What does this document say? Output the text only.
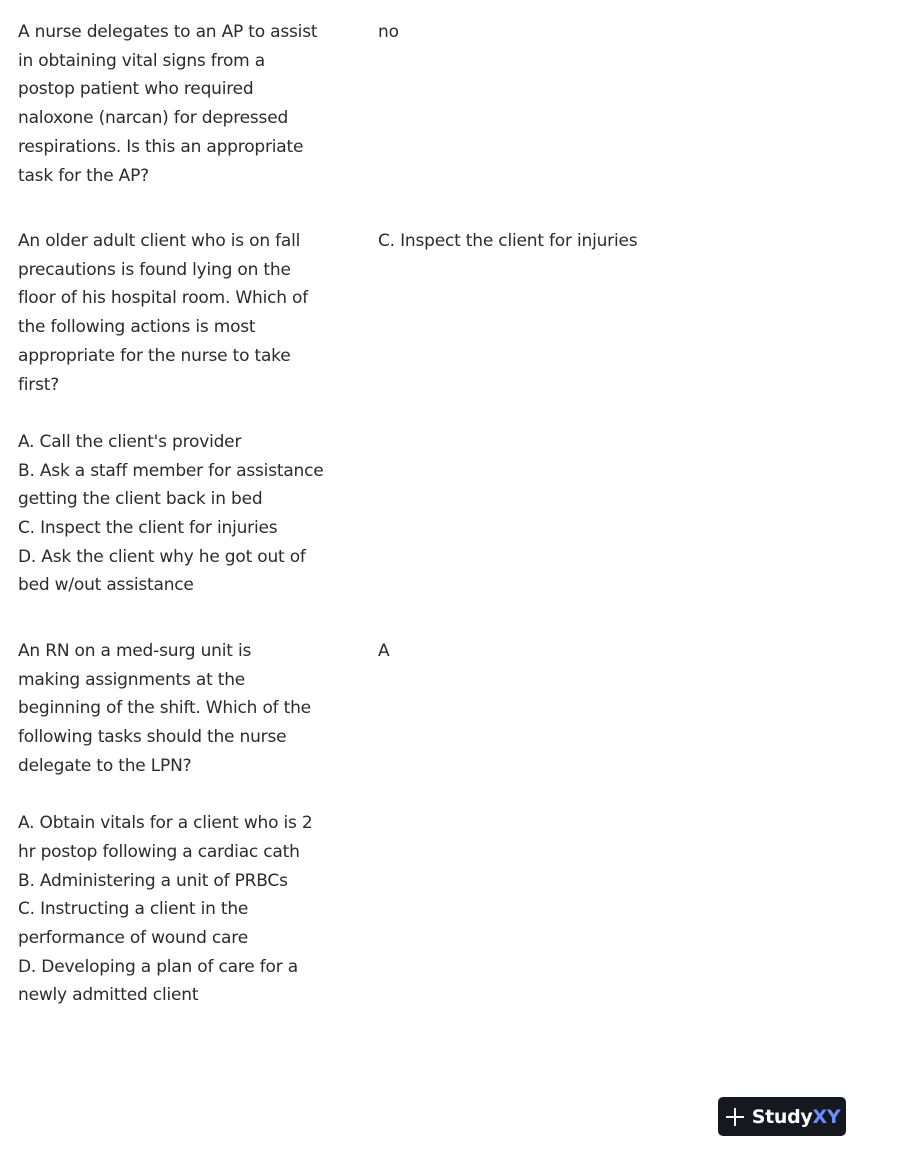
A nurse delegates to an AP to assist
in obtaining vital signs from a
postop patient who required
naloxone (narcan) for depressed
respirations. Is this an appropriate
task for the AP?
no
An older adult client who is on fall
precautions is found lying on the
floor of his hospital room. Which of
the following actions is most
appropriate for the nurse to take
first?
A. Call the client's provider
B. Ask a staff member for assistance
getting the client back in bed
C. Inspect the client for injuries
D. Ask the client why he got out of
bed w/out assistance
C. Inspect the client for injuries
An RN on a med-surg unit is
making assignments at the
beginning of the shift. Which of the
following tasks should the nurse
delegate to the LPN?
A. Obtain vitals for a client who is 2
hr postop following a cardiac cath
B. Administering a unit of PRBCs
C. Instructing a client in the
performance of wound care
D. Developing a plan of care for a
newly admitted client
A
StudyXY
